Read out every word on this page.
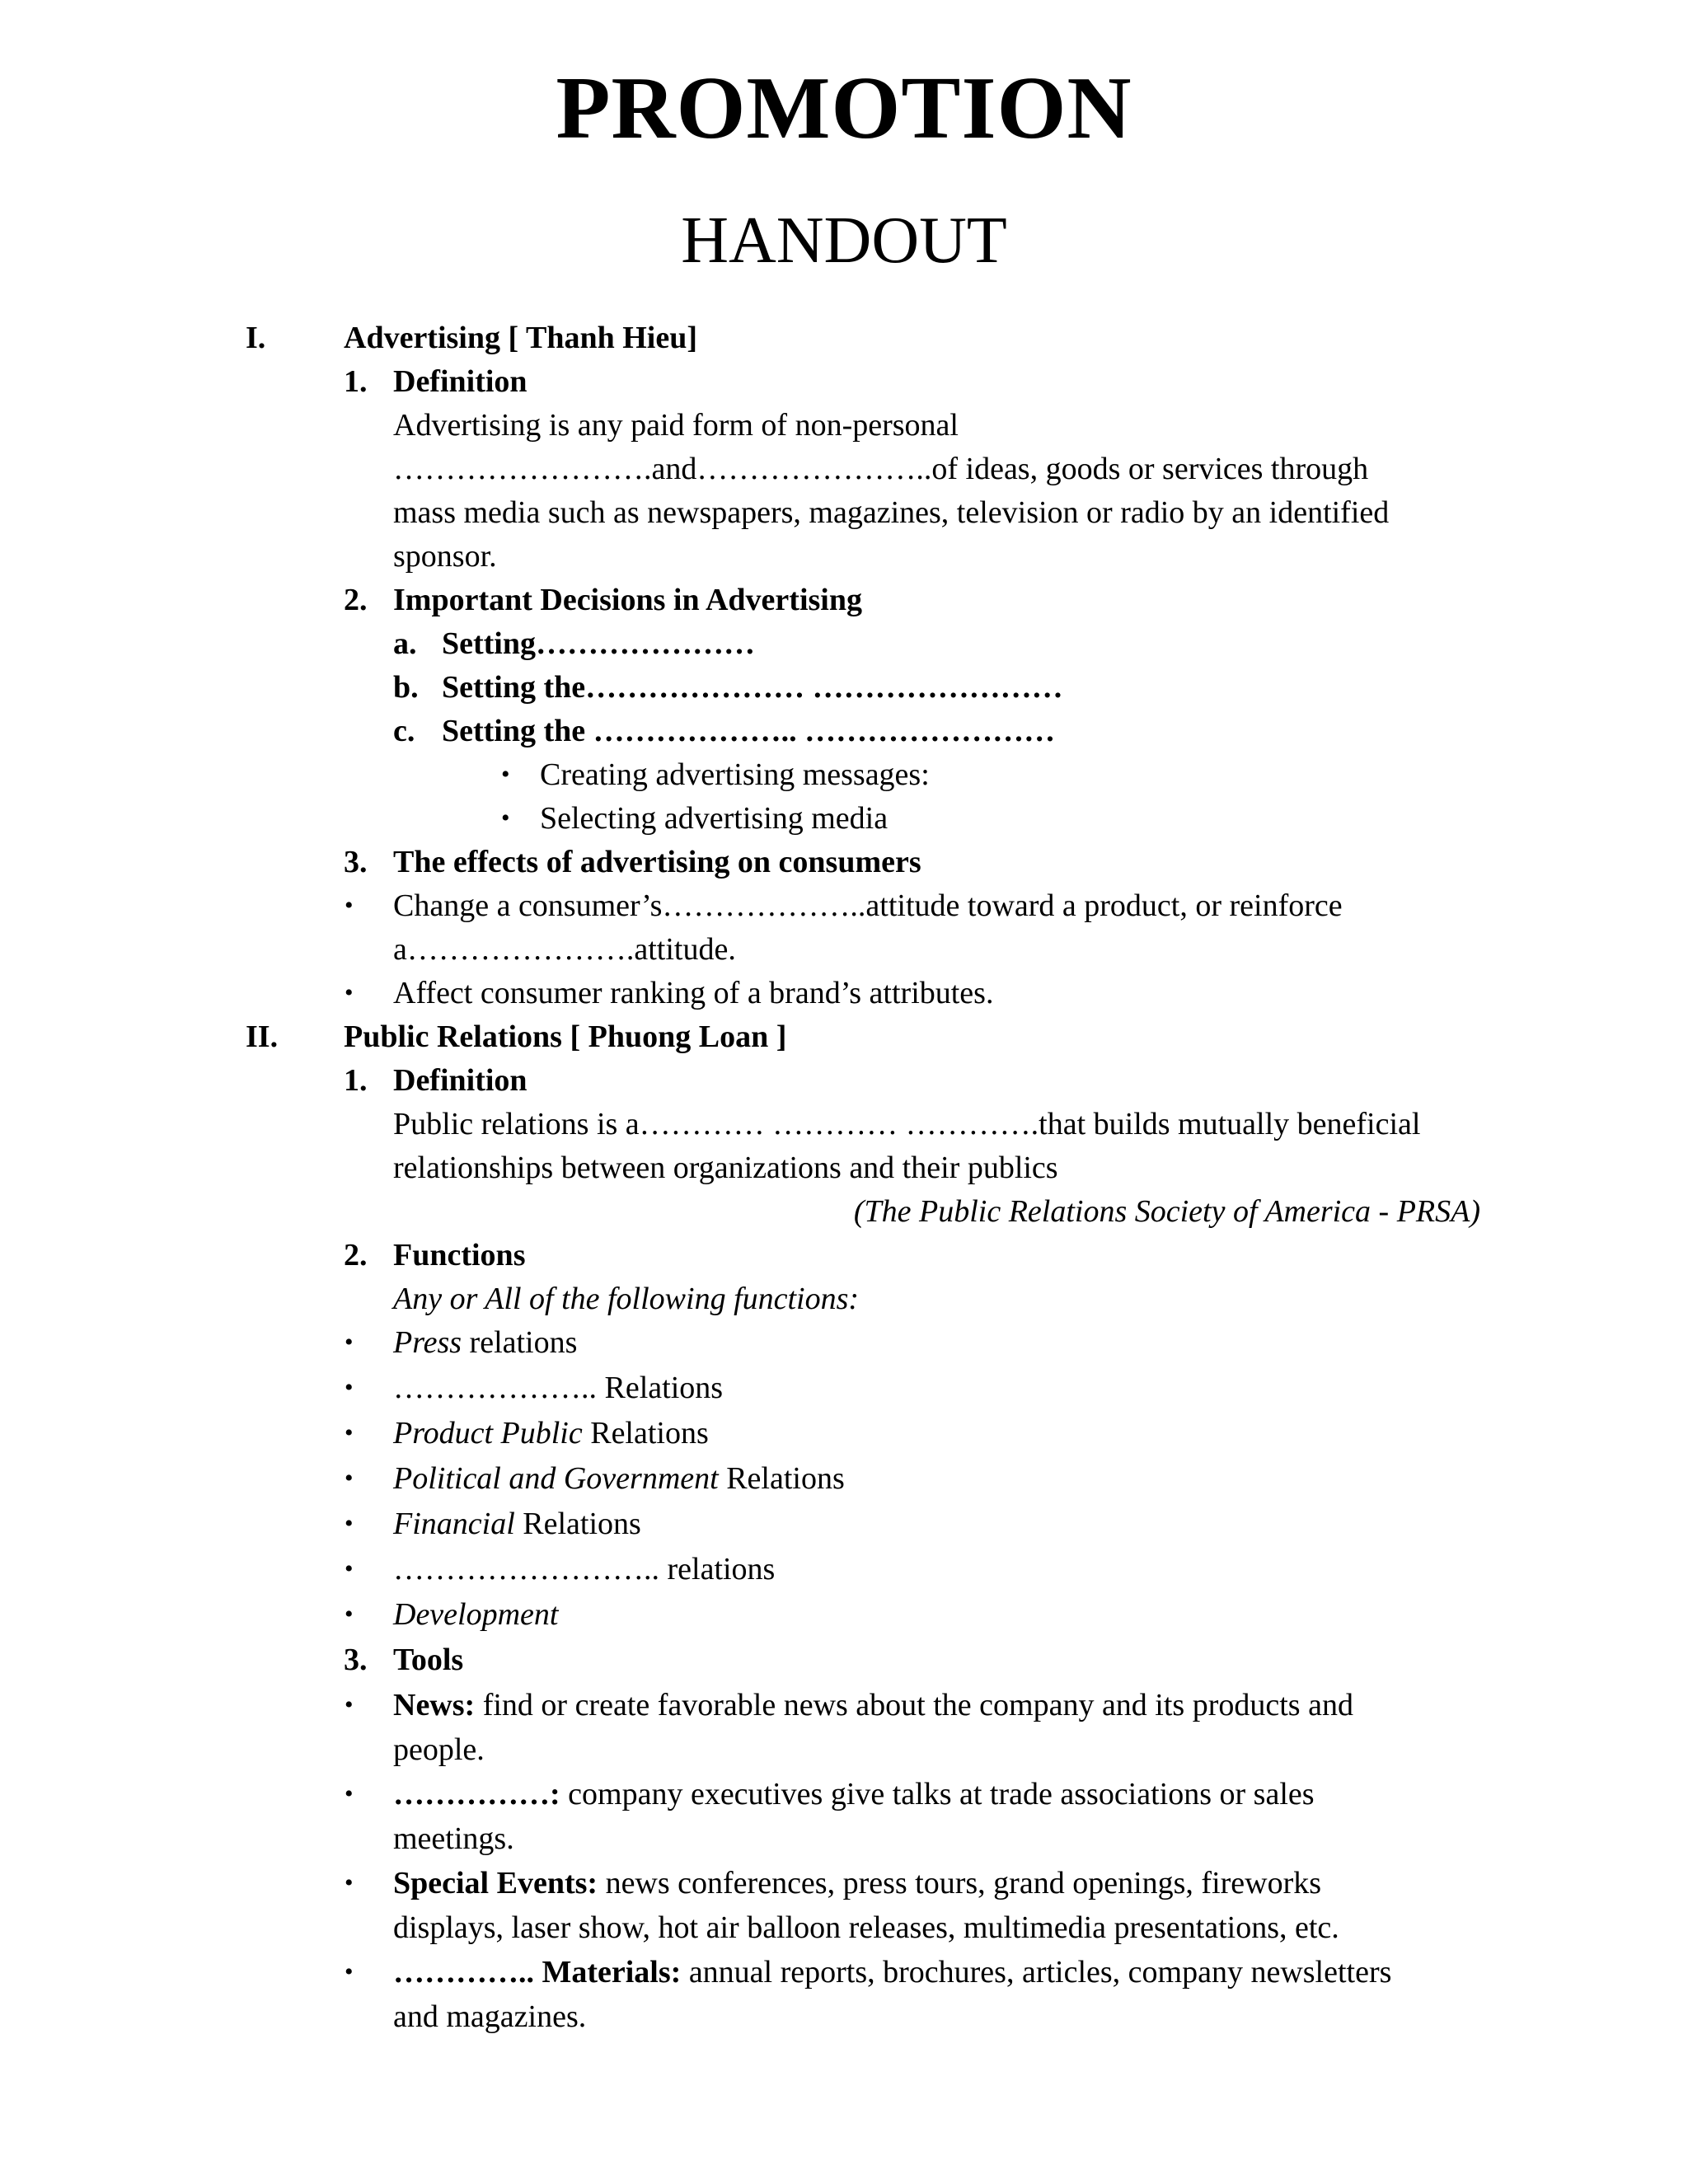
PROMOTION
HANDOUT
I. Advertising [ Thanh Hieu]
1. Definition
Advertising is any paid form of non-personal
…………………….and…………………..of ideas, goods or services through
mass media such as newspapers, magazines, television or radio by an identified
sponsor.
2. Important Decisions in Advertising
a. Setting…………………
b. Setting the………………… ……………………
c. Setting the ……………….. ……………………
• Creating advertising messages:
• Selecting advertising media
3. The effects of advertising on consumers
• Change a consumer’s………………..attitude toward a product, or reinforce
a………………….attitude.
• Affect consumer ranking of a brand’s attributes.
II. Public Relations [ Phuong Loan ]
1. Definition
Public relations is a………… ………… ………….that builds mutually beneficial
relationships between organizations and their publics
(The Public Relations Society of America - PRSA)
2. Functions
Any or All of the following functions:
• Press relations
• ……………….. Relations
• Product Public Relations
• Political and Government Relations
• Financial Relations
• …………………….. relations
• Development
3. Tools
• News: find or create favorable news about the company and its products and
people.
• ……………: company executives give talks at trade associations or sales
meetings.
• Special Events: news conferences, press tours, grand openings, fireworks
displays, laser show, hot air balloon releases, multimedia presentations, etc.
• ………….. Materials: annual reports, brochures, articles, company newsletters
and magazines.
